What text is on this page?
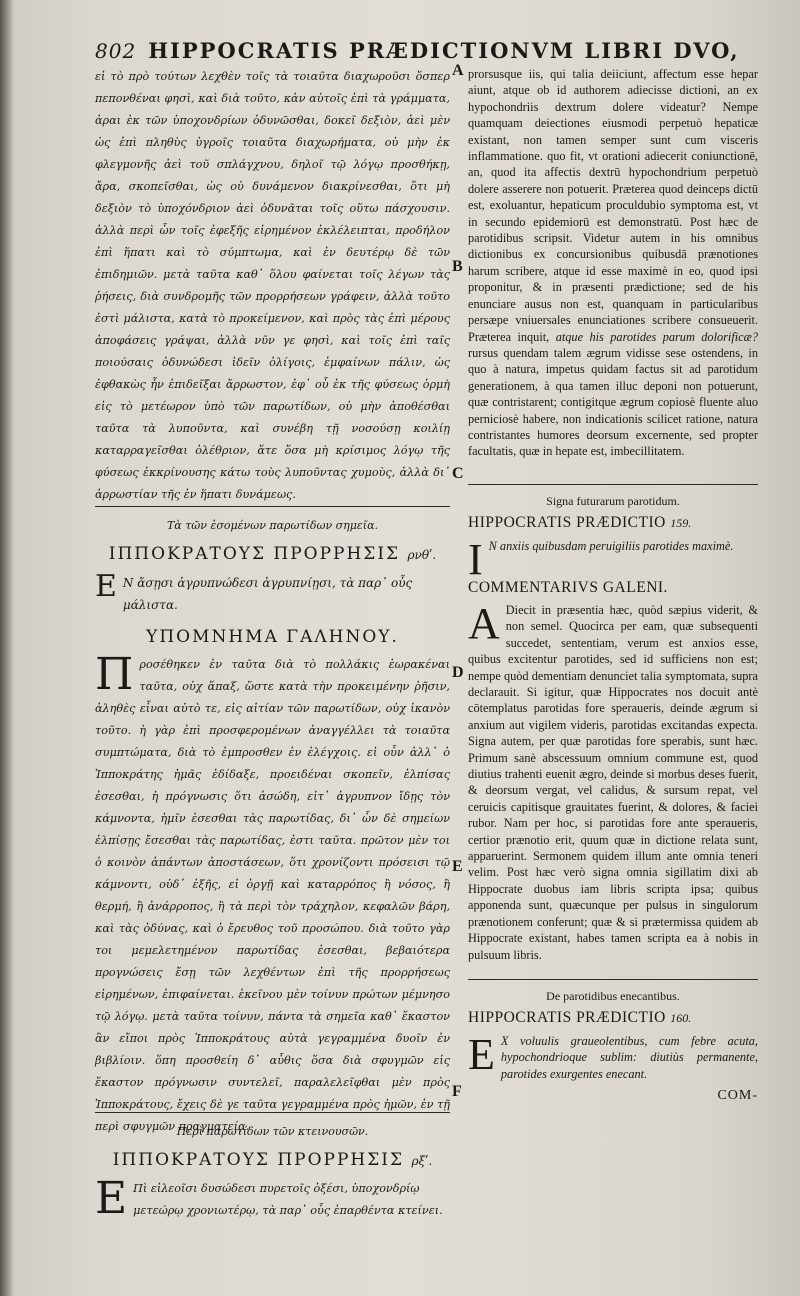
802 HIPPOCRATIS PRÆDICTIONVM LIBRI DVO,
A
B
C
D
E
F

εἰ τὸ πρὸ τούτων λεχθὲν τοῖς τὰ τοιαῦτα διαχωροῦσι ὅσπερ πεπονθέναι φησὶ, καὶ διὰ τοῦτο, κἀν αὐτοῖς ἐπὶ τὰ γράμματα, ἀραι ἐκ τῶν ὑποχονδρίων ὀδυνῶσθαι, δοκεῖ δεξιὸν, ἀεὶ μὲν ὡς ἐπὶ πληθὺς ὑγροῖς τοιαῦτα διαχωρήματα, οὐ μὴν ἐκ φλεγμονῆς ἀεὶ τοῦ σπλάγχνου, δηλοῖ τῷ λόγῳ προσθήκῃ, ἄρα, σκοπεῖσθαι, ὡς οὐ δυνάμενον διακρίνεσθαι, ὅτι μὴ δεξιὸν τὸ ὑποχόνδριον ἀεὶ ὀδυνᾶται τοῖς οὕτω πάσχουσιν. ἀλλὰ περὶ ὧν τοῖς ἐφεξῆς εἰρημένον ἐκλέλειπται, προδήλον ἐπὶ ἥπατι καὶ τὸ σύμπτωμα, καὶ ἐν δευτέρῳ δὲ τῶν ἐπιδημιῶν. μετὰ ταῦτα καθ᾽ ὅλου φαίνεται τοῖς λέγων τὰς ῥήσεις, διὰ συνδρομῆς τῶν προρρήσεων γράφειν, ἀλλὰ τοῦτο ἐστὶ μάλιστα, κατὰ τὸ προκείμενον, καὶ πρὸς τὰς ἐπὶ μέρους ἀποφάσεις γράψαι, ἀλλὰ νῦν γε φησὶ, καὶ τοῖς ἐπὶ ταῖς ποιούσαις ὀδυνώδεσι ἰδεῖν ὀλίγοις, ἐμφαίνων πάλιν, ὡς ἐφθακὼς ἦν ἐπιδεῖξαι ἄρρωστον, ἐφ᾽ οὗ ἐκ τῆς φύσεως ὁρμὴ εἰς τὸ μετέωρον ὑπὸ τῶν παρωτίδων, οὐ μὴν ἀποθέσθαι ταῦτα τὰ λυποῦντα, καὶ συνέβη τῇ νοσούσῃ κοιλίῃ καταρραγεῖσθαι ὀλέθριον, ἅτε ὅσα μὴ κρίσιμος λόγῳ τῆς φύσεως ἐκκρίνουσης κάτω τοὺς λυποῦντας χυμοὺς, ἀλλὰ δι᾽ ἀρρωστίαν τῆς ἐν ἥπατι δυνάμεως.

Τὰ τῶν ἐσομένων παρωτίδων σημεῖα.
ΙΠΠΟΚΡΑΤΟΥΣ ΠΡΟΡΡΗΣΙΣ ρνθʹ.

Ε Ν ἄσῃσι ἀγρυπνώδεσι ἀγρυπνίῃσι, τὰ παρ᾽ οὖς μάλιστα.

ΥΠΟΜΝΗΜΑ ΓΑΛΗΝΟΥ.

Προσέθηκεν ἐν ταῦτα διὰ τὸ πολλάκις ἑωρακέναι ταῦτα, οὐχ ἅπαξ, ὥστε κατὰ τὴν προκειμένην ῥῆσιν, ἀληθὲς εἶναι αὐτὸ τε, εἰς αἰτίαν τῶν παρωτίδων, οὐχ ἱκανὸν τοῦτο. ἡ γὰρ ἐπὶ προσφερομένων ἀναγγέλλει τὰ τοιαῦτα συμπτώματα, διὰ τὸ ἐμπροσθεν ἐν ἐλέγχοις. εἰ οὖν ἀλλ᾽ ὁ Ἱπποκράτης ἡμᾶς ἐδίδαξε, προειδέναι σκοπεῖν, ἐλπίσας ἐσεσθαι, ἡ πρόγνωσις ὅτι ἀσώδη, εἰτ᾽ ἀγρυπνον ἴδῃς τὸν κάμνοντα, ἡμῖν ἐσεσθαι τὰς παρωτίδας, δι᾽ ὧν δὲ σημείων ἐλπίσῃς ἔσεσθαι τὰς παρωτίδας, ἐστι ταῦτα. πρῶτον μὲν τοι ὁ κοινὸν ἁπάντων ἀποστάσεων, ὅτι χρονίζοντι πρόσεισι τῷ κάμνοντι, οὐδ᾽ ἐξῆς, εἰ ὀργῇ καὶ καταρρόπος ἢ νόσος, ἢ θερμή, ἢ ἀνάρροπος, ἢ τὰ περὶ τὸν τράχηλον, κεφαλῶν βάρη, καὶ τὰς ὀδύνας, καὶ ὁ ἔρευθος τοῦ προσώπου. διὰ τοῦτο γὰρ τοι μεμελετημένον παρωτίδας ἐσεσθαι, βεβαιότερα προγνώσεις ἔσῃ τῶν λεχθέντων ἐπὶ τῆς προρρήσεως εἰρημένων, ἐπιφαίνεται. ἐκεῖνου μὲν τοίνυν πρώτων μέμνησο τῷ λόγῳ. μετὰ ταῦτα τοίνυν, πάντα τὰ σημεῖα καθ᾽ ἕκαστον ἃν εἴποι πρὸς Ἱπποκράτους αὐτὰ γεγραμμένα δυοῖν ἐν βιβλίοιν. ὅπη προσθείη δ᾽ αὖθις ὅσα διὰ σφυγμῶν εἰς ἕκαστον πρόγνωσιν συντελεῖ, παραλελεῖφθαι μὲν πρὸς Ἱπποκράτους, ἔχεις δὲ γε ταῦτα γεγραμμένα πρὸς ἡμῶν, ἐν τῇ περὶ σφυγμῶν πραγματείᾳ.

Περὶ παρωτίδων τῶν κτεινουσῶν.
ΙΠΠΟΚΡΑΤΟΥΣ ΠΡΟΡΡΗΣΙΣ ρξʹ.

Ε Πὶ εἰλεοῖσι δυσώδεσι πυρετοῖς ὀξέσι, ὑποχονδρίῳ μετεώρῳ χρονιωτέρῳ, τὰ παρ᾽ οὖς ἐπαρθέντα κτείνει.

prorsusque iis, qui talia deiiciunt, affectum esse hepar aiunt, atque ob id authorem adiecisse dictioni, an ex hypochondriis dextrum dolere videatur? Nempe quamquam deiectiones eiusmodi perpetuò hepaticæ existant, non tamen semper sunt cum visceris inflammatione. quo fit, vt orationi adiecerit coniunctionē, an, quod ita affectis dextrū hypochondrium perpetuò dolere asserere non potuerit. Præterea quod deinceps dictū est, exoluantur, hepaticum proculdubio symptoma est, vt in secundo epidemiorū est demonstratū. Post hæc de parotidibus scripsit. Videtur autem in his omnibus dictionibus ex concursionibus quibusdā prænotiones harum scribere, atque id esse maximè in eo, quod ipsi proponitur, & in præsenti prædictione; sed de his enunciare ausus non est, quanquam in particularibus persæpe vniuersales enunciationes scribere consueuerit. Præterea inquit, atque his parotides parum dolorificæ? rursus quendam talem ægrum vidisse sese ostendens, in quo à natura, impetus quidam factus sit ad parotidum generationem, à qua tamen illuc deponi non potuerunt, quæ contristarent; contigitque ægrum copiosè fluente aluo perniciosè habere, non indicationis scilicet ratione, natura contristantes humores deorsum excernente, sed propter facultatis, quæ in hepate est, imbecillitatem.

Signa futurarum parotidum.
HIPPOCRATIS PRÆDICTIO 159.

I N anxiis quibusdam peruigiliis parotides maximè.

COMMENTARIVS GALENI.

A Diecit in præsentia hæc, quòd sæpius viderit, & non semel. Quocirca per eam, quæ subsequenti succedet, sententiam, verum est anxios esse, quibus excitentur parotides, sed id sufficiens non est; nempe quòd dementiam denunciet talia symptomata, supra declarauit. Si igitur, quæ Hippocrates nos docuit antè cōtemplatus parotidas fore speraueris, deinde ægrum si anxium aut vigilem videris, parotidas excitandas expecta. Signa autem, per quæ parotidas fore sperabis, sunt hæc. Primum sanè abscessuum omnium commune est, quod diutius trahenti euenit ægro, deinde si morbus deses fuerit, & deorsum vergat, vel calidus, & sursum repat, vel ceruicis capitisque grauitates fuerint, & dolores, & faciei rubor. Nam per hoc, si parotidas fore ante speraueris, certior prænotio erit, quum quæ in dictione relata sunt, apparuerint. Sermonem quidem illum ante omnia teneri velim. Post hæc verò signa omnia sigillatim dixi ab Hippocrate duobus iam libris scripta ipsa; quibus apponenda sunt, quæcunque per pulsus in singulorum prænotionem conferunt; quæ & si prætermissa quidem ab Hippocrate existant, habes tamen scripta ea à nobis in pulsuum libris.

De parotidibus enecantibus.
HIPPOCRATIS PRÆDICTIO 160.

E X voluulis graueolentibus, cum febre acuta, hypochondrioque sublim: diutiùs permanente, parotides exurgentes enecant.

COM-
